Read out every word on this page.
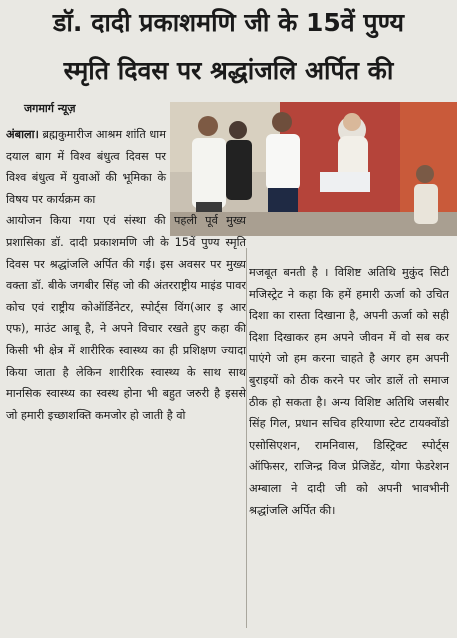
डॉ. दादी प्रकाशमणि जी के 15वें पुण्य
स्मृति दिवस पर श्रद्धांजलि अर्पित की
जगमार्ग न्यूज़
अंबाला। ब्रह्मकुमारीज आश्रम शांति धाम दयाल बाग में विश्व बंधुत्व दिवस पर विश्व बंधुत्व में युवाओं की भूमिका के विषय पर कार्यक्रम का
आयोजन किया गया एवं संस्था की पहली पूर्व मुख्य प्रशासिका डॉ. दादी प्रकाशमणि जी के 15वें पुण्य स्मृति दिवस पर श्रद्धांजलि अर्पित की गई। इस अवसर पर मुख्य वक्ता डॉ. बीके जगबीर सिंह जो की अंतरराष्ट्रीय माइंड पावर कोच एवं राष्ट्रीय कोऑर्डिनेटर, स्पोर्ट्स विंग(आर इ आर एफ), माउंट आबू है, ने अपने विचार रखते हुए कहा की किसी भी क्षेत्र में शारीरिक स्वास्थ्य का ही प्रशिक्षण ज्यादा किया जाता है लेकिन शारीरिक स्वास्थ्य के साथ साथ मानसिक स्वास्थ्य का स्वस्थ होना भी बहुत जरुरी है इससे जो हमारी इच्छाशक्ति कमजोर हो जाती है वो
मजबूत बनती है । विशिष्ट अतिथि मुकुंद सिटी मजिस्ट्रेट ने कहा कि हमें हमारी ऊर्जा को उचित दिशा का रास्ता दिखाना है, अपनी ऊर्जा को सही दिशा दिखाकर हम अपने जीवन में वो सब कर पाएंगे जो हम करना चाहते है अगर हम अपनी बुराइयों को ठीक करने पर जोर डालें तो समाज ठीक हो सकता है। अन्य विशिष्ट अतिथि जसबीर सिंह गिल, प्रधान सचिव हरियाणा स्टेट टायक्वोंडो एसोसिएशन, रामनिवास, डिस्ट्रिक्ट स्पोर्ट्स ऑफिसर, राजिन्द्र विज प्रेजिडेंट, योगा फेडरेशन अम्बाला ने दादी जी को अपनी भावभीनी श्रद्धांजलि अर्पित की।
